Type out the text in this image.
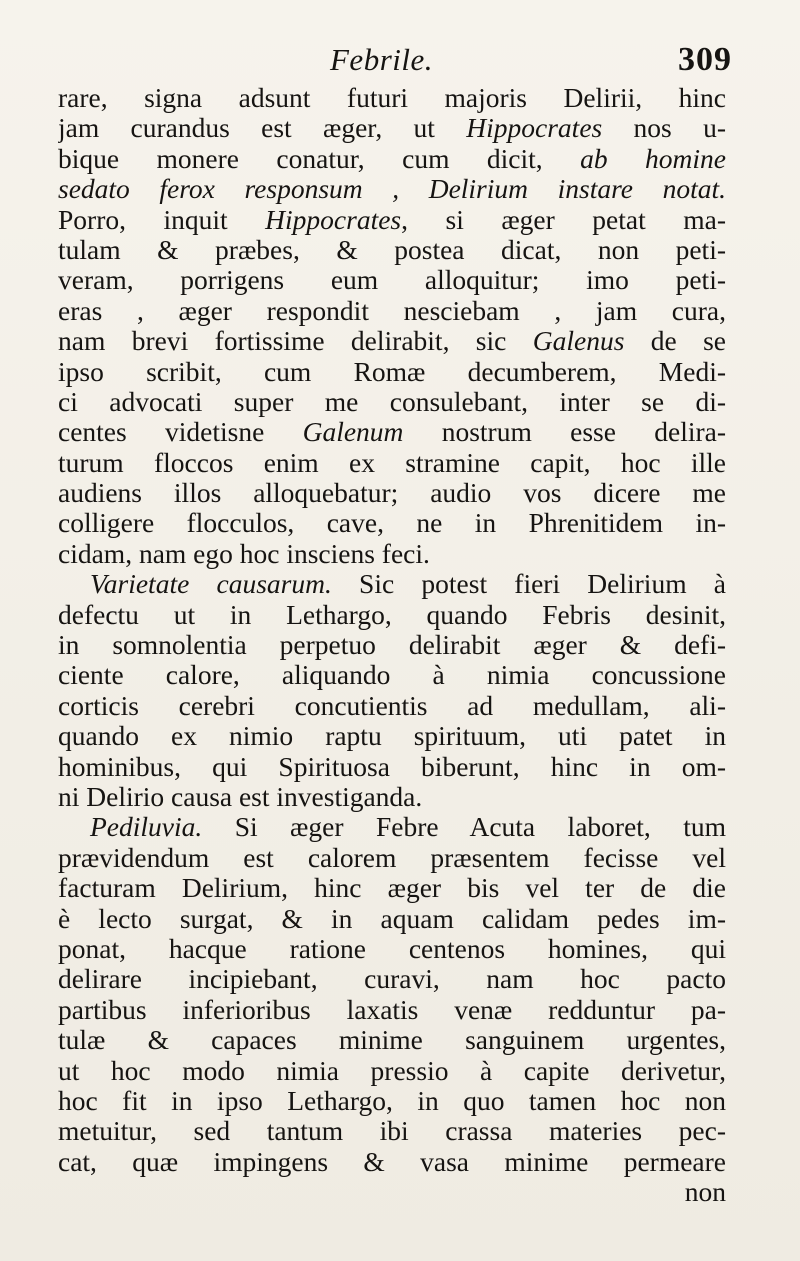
Febrile.	309
rare, signa adsunt futuri majoris Delirii, hinc
jam curandus est æger, ut Hippocrates nos u-
bique monere conatur, cum dicit, ab homine
sedato ferox responsum , Delirium instare notat.
Porro, inquit Hippocrates, si æger petat ma-
tulam & præbes, & postea dicat, non peti-
veram, porrigens eum alloquitur; imo peti-
eras , æger respondit nesciebam , jam cura,
nam brevi fortissime delirabit, sic Galenus de se
ipso scribit, cum Romæ decumberem, Medi-
ci advocati super me consulebant, inter se di-
centes videtisne Galenum nostrum esse delira-
turum floccos enim ex stramine capit, hoc ille
audiens illos alloquebatur; audio vos dicere me
colligere flocculos, cave, ne in Phrenitidem in-
cidam, nam ego hoc insciens feci.
Varietate causarum. Sic potest fieri Delirium à
defectu ut in Lethargo, quando Febris desinit,
in somnolentia perpetuo delirabit æger & defi-
ciente calore, aliquando à nimia concussione
corticis cerebri concutientis ad medullam, ali-
quando ex nimio raptu spirituum, uti patet in
hominibus, qui Spirituosa biberunt, hinc in om-
ni Delirio causa est investiganda.
Pediluvia. Si æger Febre Acuta laboret, tum
prævidendum est calorem præsentem fecisse vel
facturam Delirium, hinc æger bis vel ter de die
è lecto surgat, & in aquam calidam pedes im-
ponat, hacque ratione centenos homines, qui
delirare incipiebant, curavi, nam hoc pacto
partibus inferioribus laxatis venæ redduntur pa-
tulæ & capaces minime sanguinem urgentes,
ut hoc modo nimia pressio à capite derivetur,
hoc fit in ipso Lethargo, in quo tamen hoc non
metuitur, sed tantum ibi crassa materies pec-
cat, quæ impingens & vasa minime permeare
non
